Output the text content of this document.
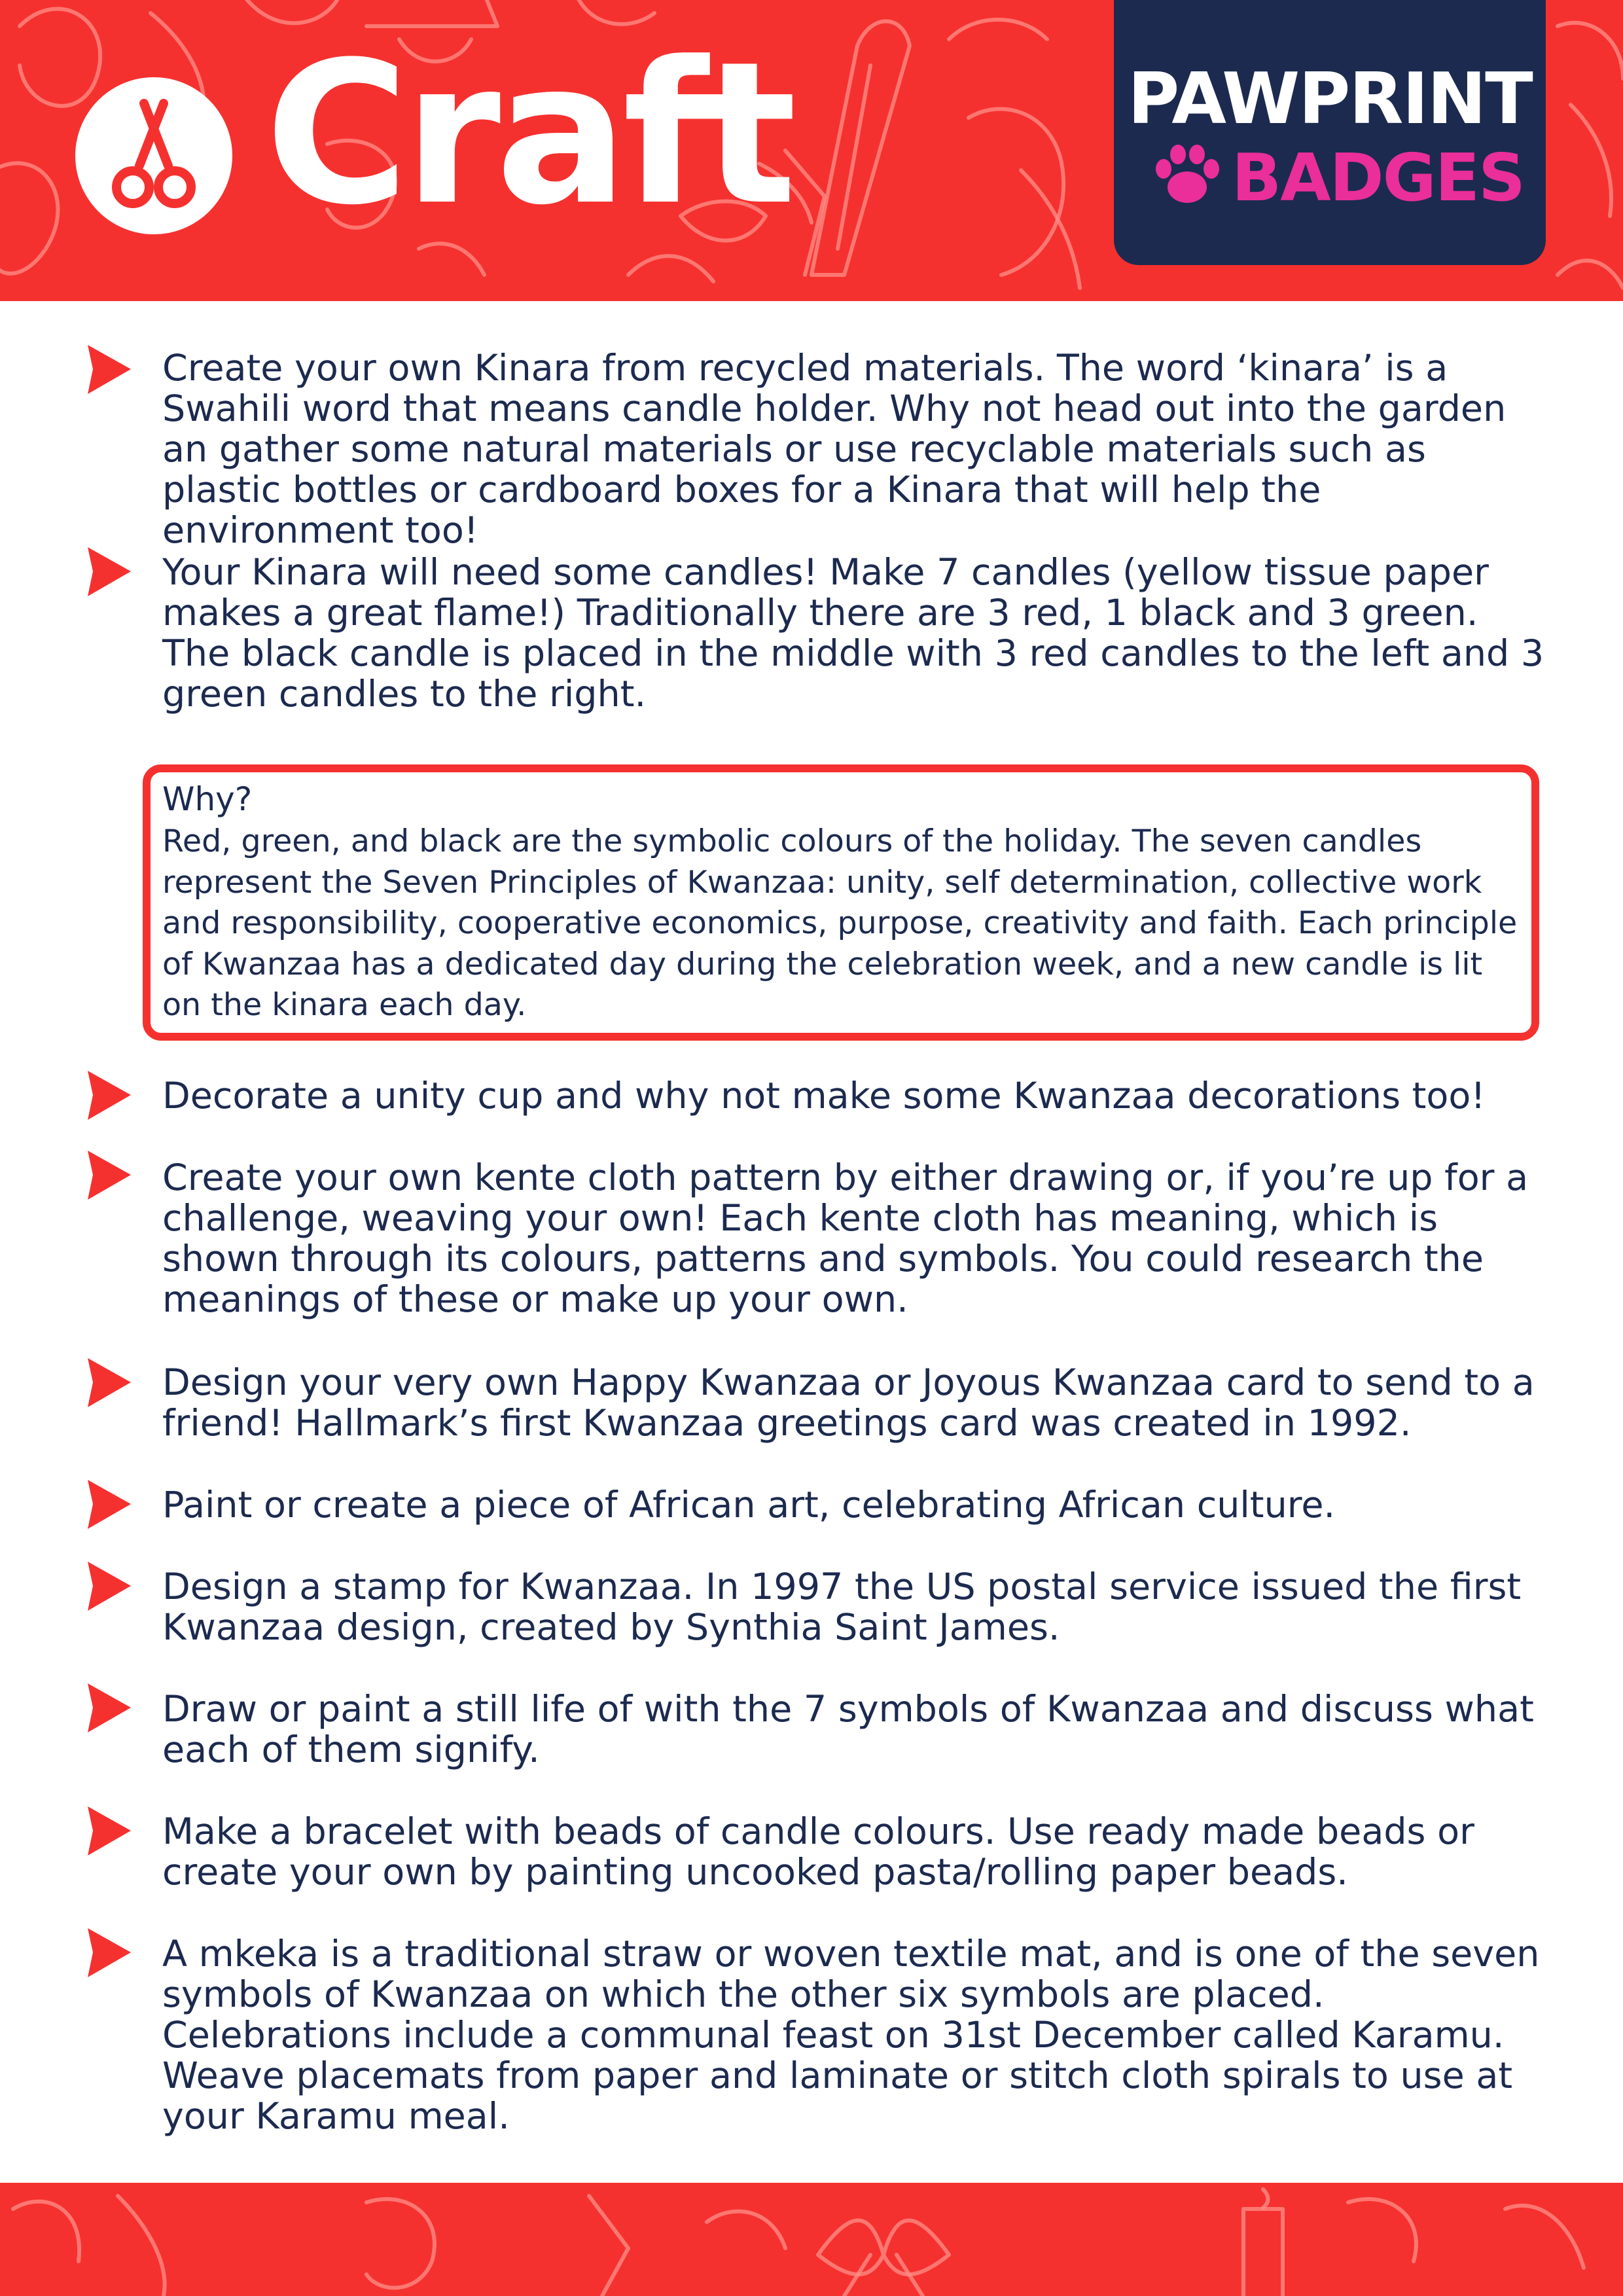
Craft	PAWPRINT
BADGES

Create your own Kinara from recycled materials. The word ‘kinara’ is a Swahili word that means candle holder. Why not head out into the garden an gather some natural materials or use recyclable materials such as plastic bottles or cardboard boxes for a Kinara that will help the environment too!

Your Kinara will need some candles! Make 7 candles (yellow tissue paper makes a great flame!) Traditionally there are 3 red, 1 black and 3 green. The black candle is placed in the middle with 3 red candles to the left and 3 green candles to the right.

Why?
Red, green, and black are the symbolic colours of the holiday. The seven candles represent the Seven Principles of Kwanzaa: unity, self determination, collective work and responsibility, cooperative economics, purpose, creativity and faith. Each principle of Kwanzaa has a dedicated day during the celebration week, and a new candle is lit on the kinara each day.

Decorate a unity cup and why not make some Kwanzaa decorations too!

Create your own kente cloth pattern by either drawing or, if you’re up for a challenge, weaving your own! Each kente cloth has meaning, which is shown through its colours, patterns and symbols. You could research the meanings of these or make up your own.

Design your very own Happy Kwanzaa or Joyous Kwanzaa card to send to a friend! Hallmark’s first Kwanzaa greetings card was created in 1992.

Paint or create a piece of African art, celebrating African culture.

Design a stamp for Kwanzaa. In 1997 the US postal service issued the first Kwanzaa design, created by Synthia Saint James.

Draw or paint a still life of with the 7 symbols of Kwanzaa and discuss what each of them signify.

Make a bracelet with beads of candle colours. Use ready made beads or create your own by painting uncooked pasta/rolling paper beads.

A mkeka is a traditional straw or woven textile mat, and is one of the seven symbols of Kwanzaa on which the other six symbols are placed. Celebrations include a communal feast on 31st December called Karamu. Weave placemats from paper and laminate or stitch cloth spirals to use at your Karamu meal.
